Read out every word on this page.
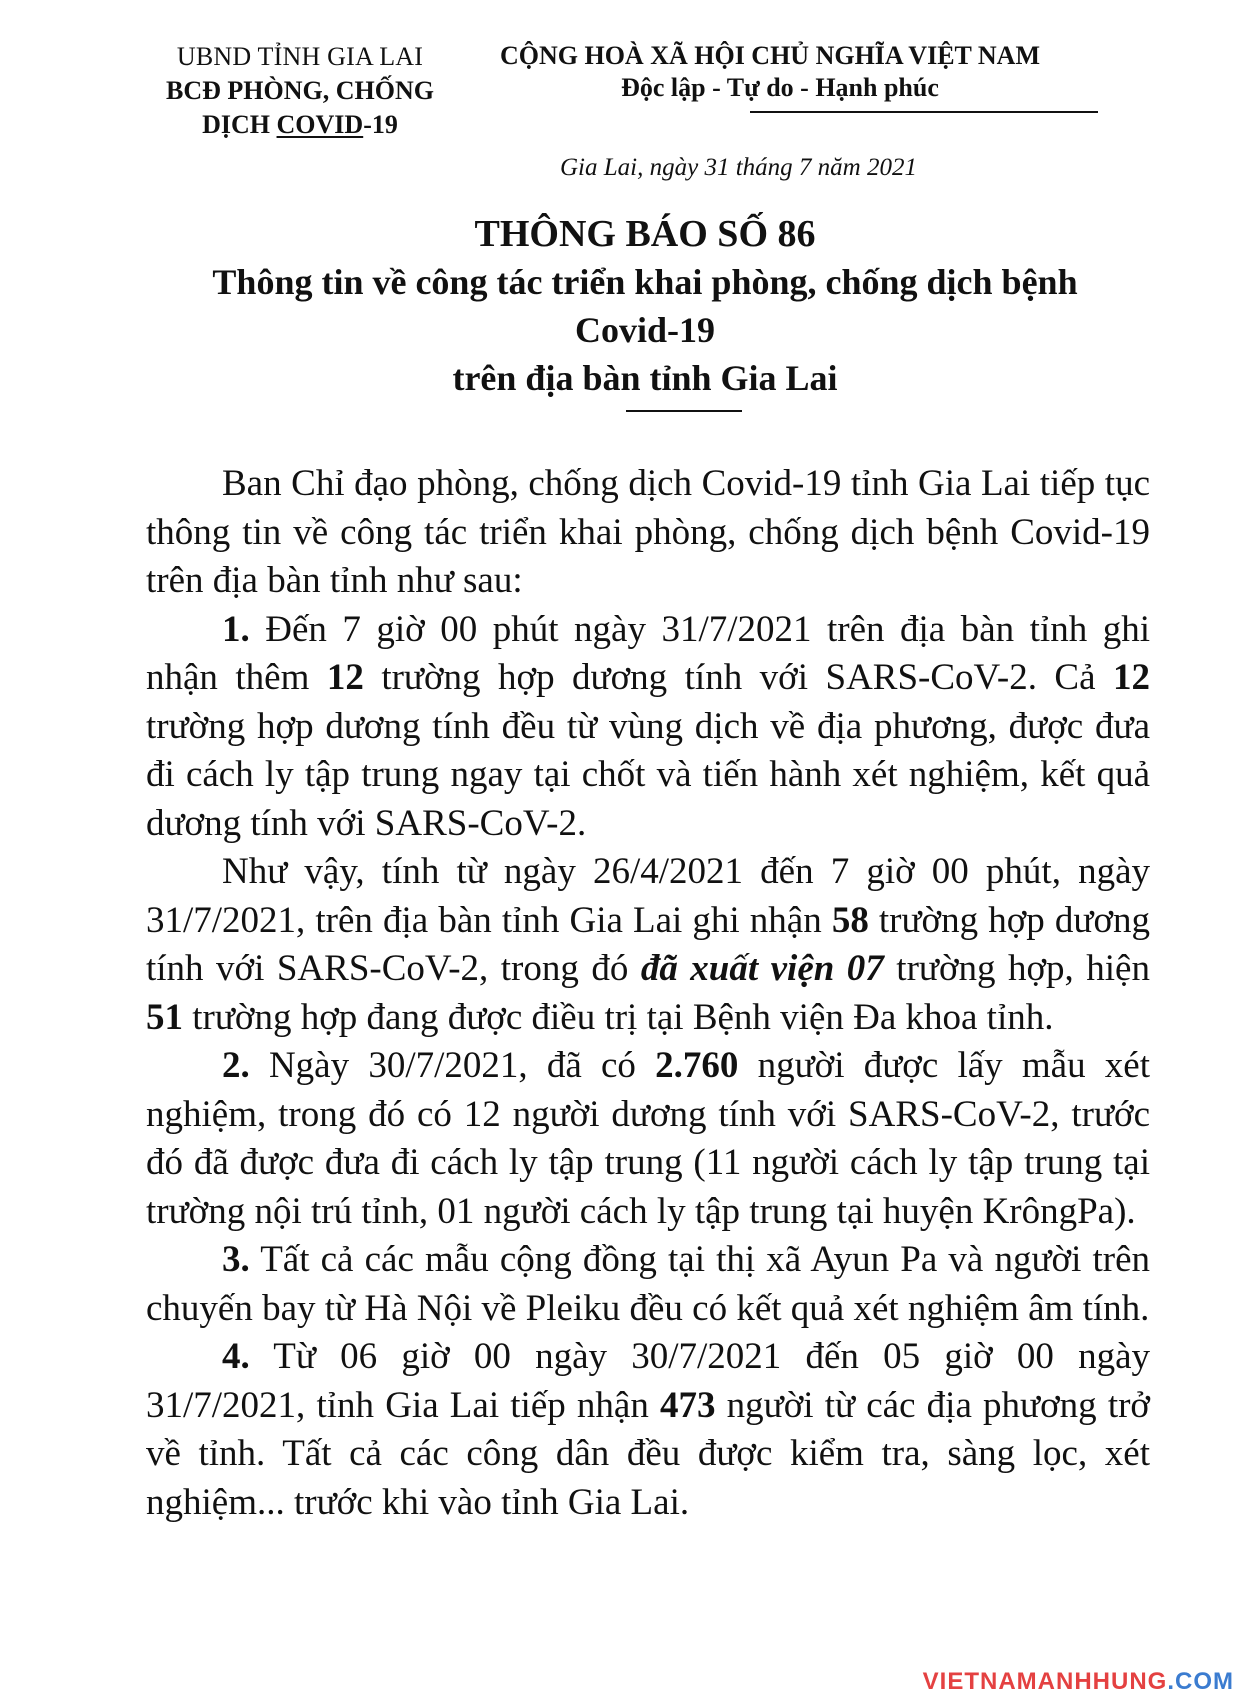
UBND TỈNH GIA LAI
BCĐ PHÒNG, CHỐNG
DỊCH COVID-19
CỘNG HOÀ XÃ HỘI CHỦ NGHĨA VIỆT NAM
Độc lập - Tự do - Hạnh phúc
Gia Lai, ngày 31 tháng 7 năm 2021
THÔNG BÁO SỐ 86
Thông tin về công tác triển khai phòng, chống dịch bệnh
Covid-19
trên địa bàn tỉnh Gia Lai

Ban Chỉ đạo phòng, chống dịch Covid-19 tỉnh Gia Lai tiếp tục thông tin về công tác triển khai phòng, chống dịch bệnh Covid-19 trên địa bàn tỉnh như sau:

1. Đến 7 giờ 00 phút ngày 31/7/2021 trên địa bàn tỉnh ghi nhận thêm 12 trường hợp dương tính với SARS-CoV-2. Cả 12 trường hợp dương tính đều từ vùng dịch về địa phương, được đưa đi cách ly tập trung ngay tại chốt và tiến hành xét nghiệm, kết quả dương tính với SARS-CoV-2.

Như vậy, tính từ ngày 26/4/2021 đến 7 giờ 00 phút, ngày 31/7/2021, trên địa bàn tỉnh Gia Lai ghi nhận 58 trường hợp dương tính với SARS-CoV-2, trong đó đã xuất viện 07 trường hợp, hiện 51 trường hợp đang được điều trị tại Bệnh viện Đa khoa tỉnh.

2. Ngày 30/7/2021, đã có 2.760 người được lấy mẫu xét nghiệm, trong đó có 12 người dương tính với SARS-CoV-2, trước đó đã được đưa đi cách ly tập trung (11 người cách ly tập trung tại trường nội trú tỉnh, 01 người cách ly tập trung tại huyện KrôngPa).

3. Tất cả các mẫu cộng đồng tại thị xã Ayun Pa và người trên chuyến bay từ Hà Nội về Pleiku đều có kết quả xét nghiệm âm tính.

4. Từ 06 giờ 00 ngày 30/7/2021 đến 05 giờ 00 ngày 31/7/2021, tỉnh Gia Lai tiếp nhận 473 người từ các địa phương trở về tỉnh. Tất cả các công dân đều được kiểm tra, sàng lọc, xét nghiệm... trước khi vào tỉnh Gia Lai.

VIETNAMANHHUNG.COM
